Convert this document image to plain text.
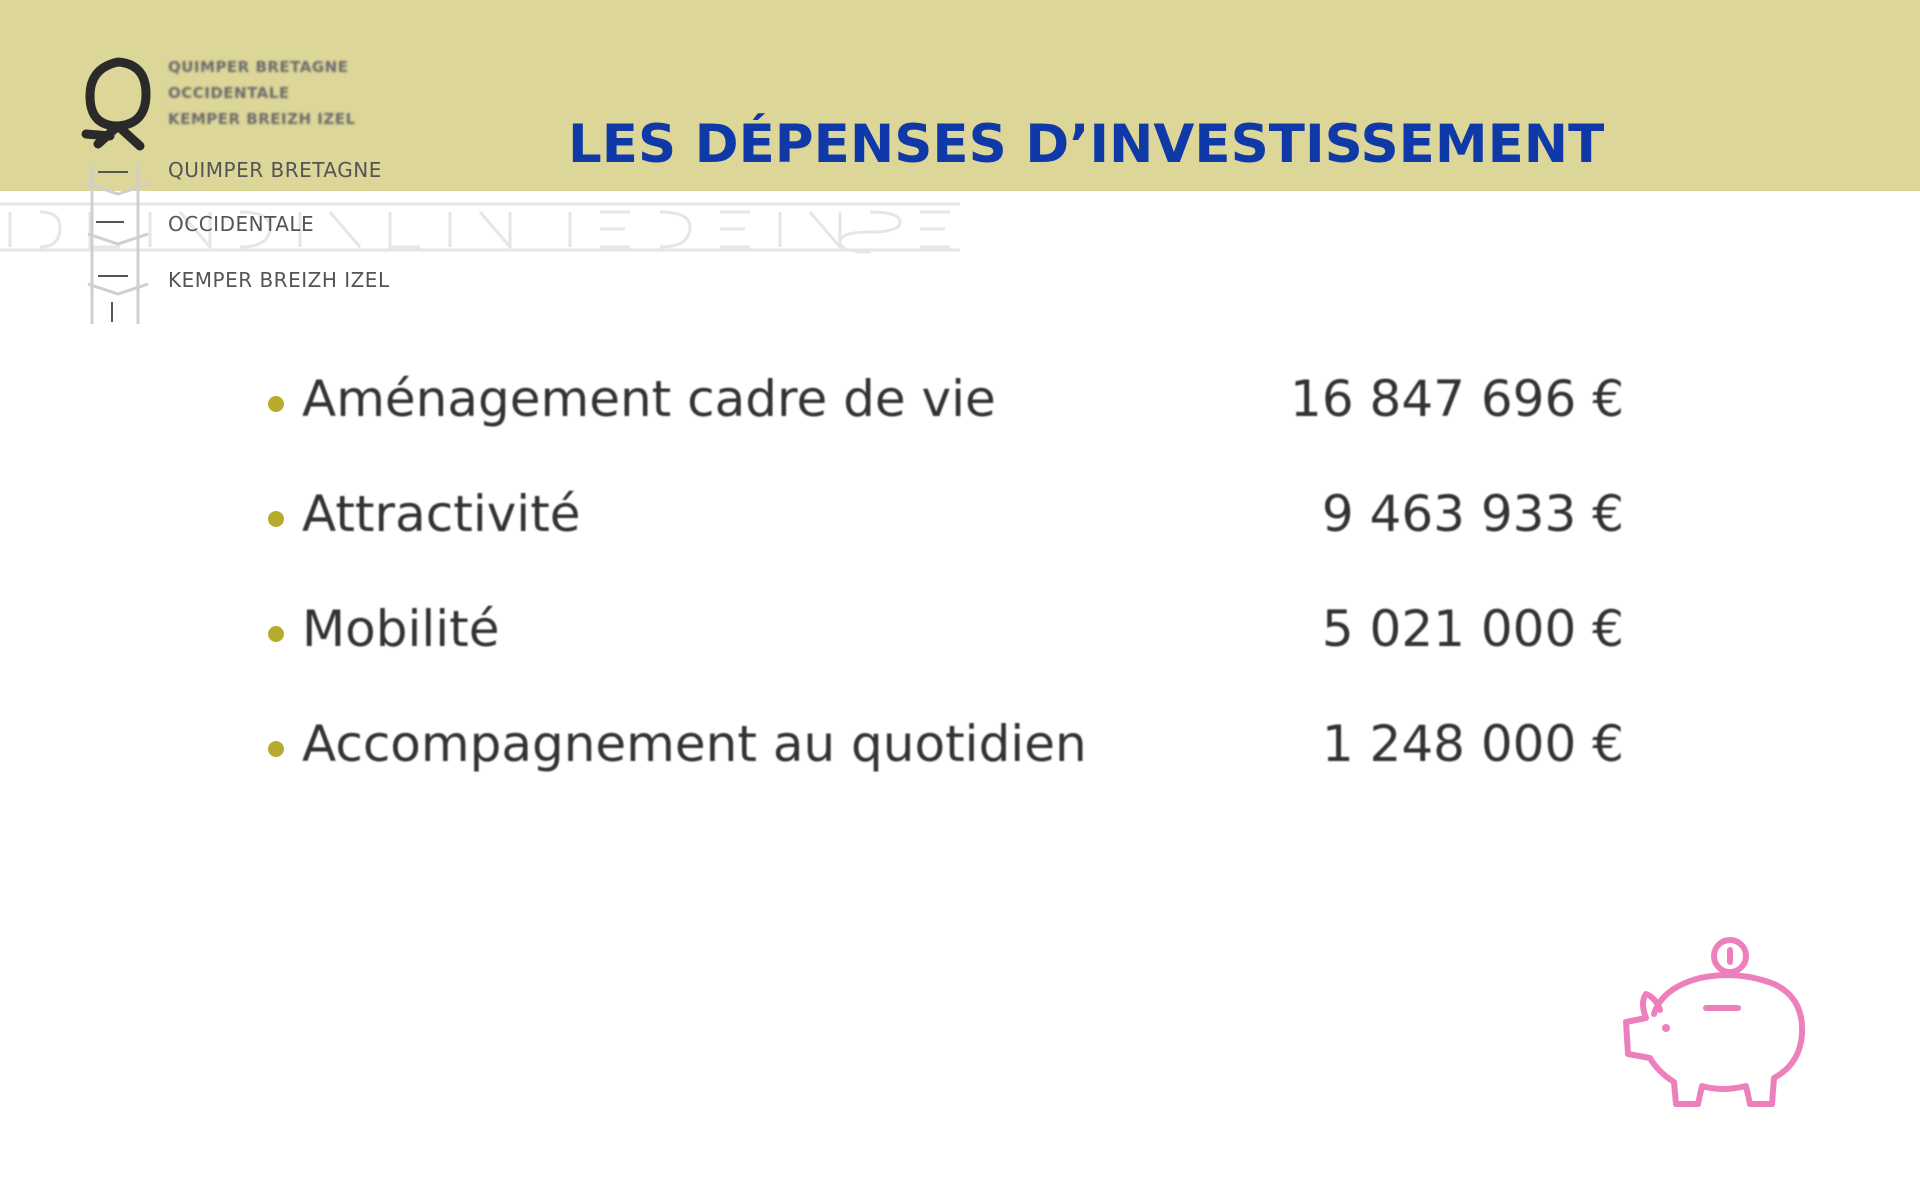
LES DÉPENSES D’INVESTISSEMENT
QUIMPER BRETAGNE
OCCIDENTALE
KEMPER BREIZH IZEL
QUIMPER BRETAGNE
OCCIDENTALE
KEMPER BREIZH IZEL
Aménagement cadre de vie	16 847 696 €
Attractivité	9 463 933 €
Mobilité	5 021 000 €
Accompagnement au quotidien	1 248 000 €
